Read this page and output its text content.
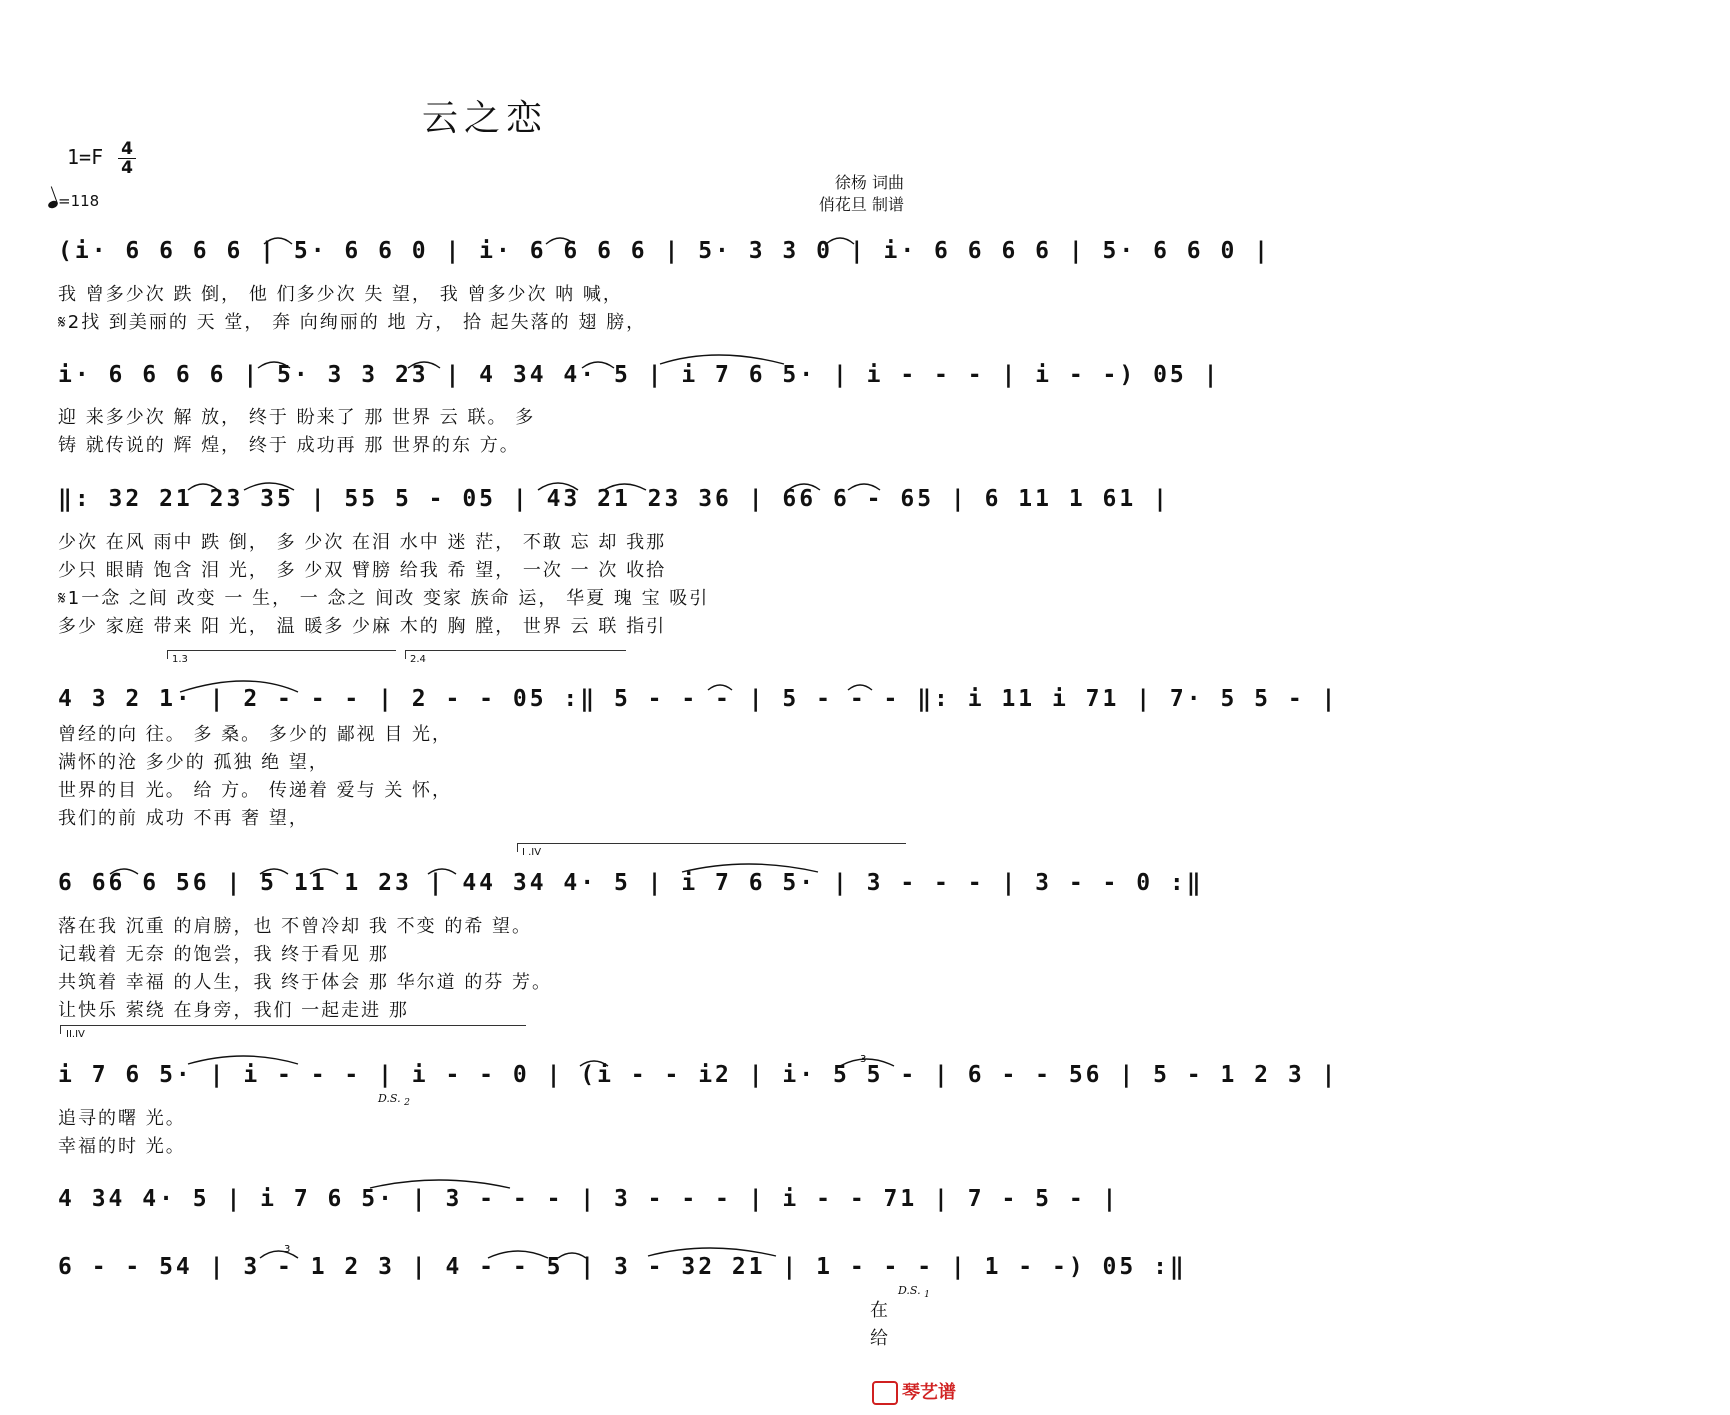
云之恋
1=F 4
4
=118
徐杨 词曲
俏花旦 制谱
(i· 6 6 6 6 | 5· 6 6 0 | i· 6 6 6 6 | 5· 3 3 0 | i· 6 6 6 6 | 5· 6 6 0 |
我 曾多少次 跌 倒， 他 们多少次 失 望， 我 曾多少次 呐 喊，
𝄋2找 到美丽的 天 堂， 奔 向绚丽的 地 方， 拾 起失落的 翅 膀，
i· 6 6 6 6 | 5· 3 3 23 | 4 34 4· 5 | i 7 6 5· | i - - - | i - -) 05 |
迎 来多少次 解 放， 终于 盼来了 那 世界 云 联。 多
铸 就传说的 辉 煌， 终于 成功再 那 世界的东 方。
‖: 32 21 23 35 | 55 5 - 05 | 43 21 23 36 | 66 6 - 65 | 6 11 1 61 |
少次 在风 雨中 跌 倒， 多 少次 在泪 水中 迷 茫， 不敢 忘 却 我那
少只 眼睛 饱含 泪 光， 多 少双 臂膀 给我 希 望， 一次 一 次 收拾
𝄋1一念 之间 改变 一 生， 一 念之 间改 变家 族命 运， 华夏 瑰 宝 吸引
多少 家庭 带来 阳 光， 温 暖多 少麻 木的 胸 膛， 世界 云 联 指引
1.3	2.4
4 3 2 1· | 2 - - - | 2 - - 05 :‖ 5 - - - | 5 - - - ‖: i 11 i 71 | 7· 5 5 - |
曾经的向 往。 多 桑。 多少的 鄙视 目 光，
满怀的沧 多少的 孤独 绝 望，
世界的目 光。 给 方。 传递着 爱与 关 怀，
我们的前 成功 不再 奢 望，
I .IV
6 66 6 56 | 5 11 1 23 | 44 34 4· 5 | i 7 6 5· | 3 - - - | 3 - - 0 :‖
落在我 沉重 的肩膀，也 不曾冷却 我 不变 的希 望。
记载着 无奈 的饱尝，我 终于看见 那
共筑着 幸福 的人生，我 终于体会 那 华尔道 的芬 芳。
让快乐 萦绕 在身旁，我们 一起走进 那
II.IV
3
i 7 6 5· | i - - - | i - - 0 | (i - - i2 | i· 5 5 - | 6 - - 56 | 5 - 1 2 3 |
D.S. $_2$
追寻的曙 光。
幸福的时 光。
4 34 4· 5 | i 7 6 5· | 3 - - - | 3 - - - | i - - 71 | 7 - 5 - |
3
6 - - 54 | 3 - 1 2 3 | 4 - - 5 | 3 - 32 21 | 1 - - - | 1 - -) 05 :‖
D.S. $_1$
在
给
琴艺谱
